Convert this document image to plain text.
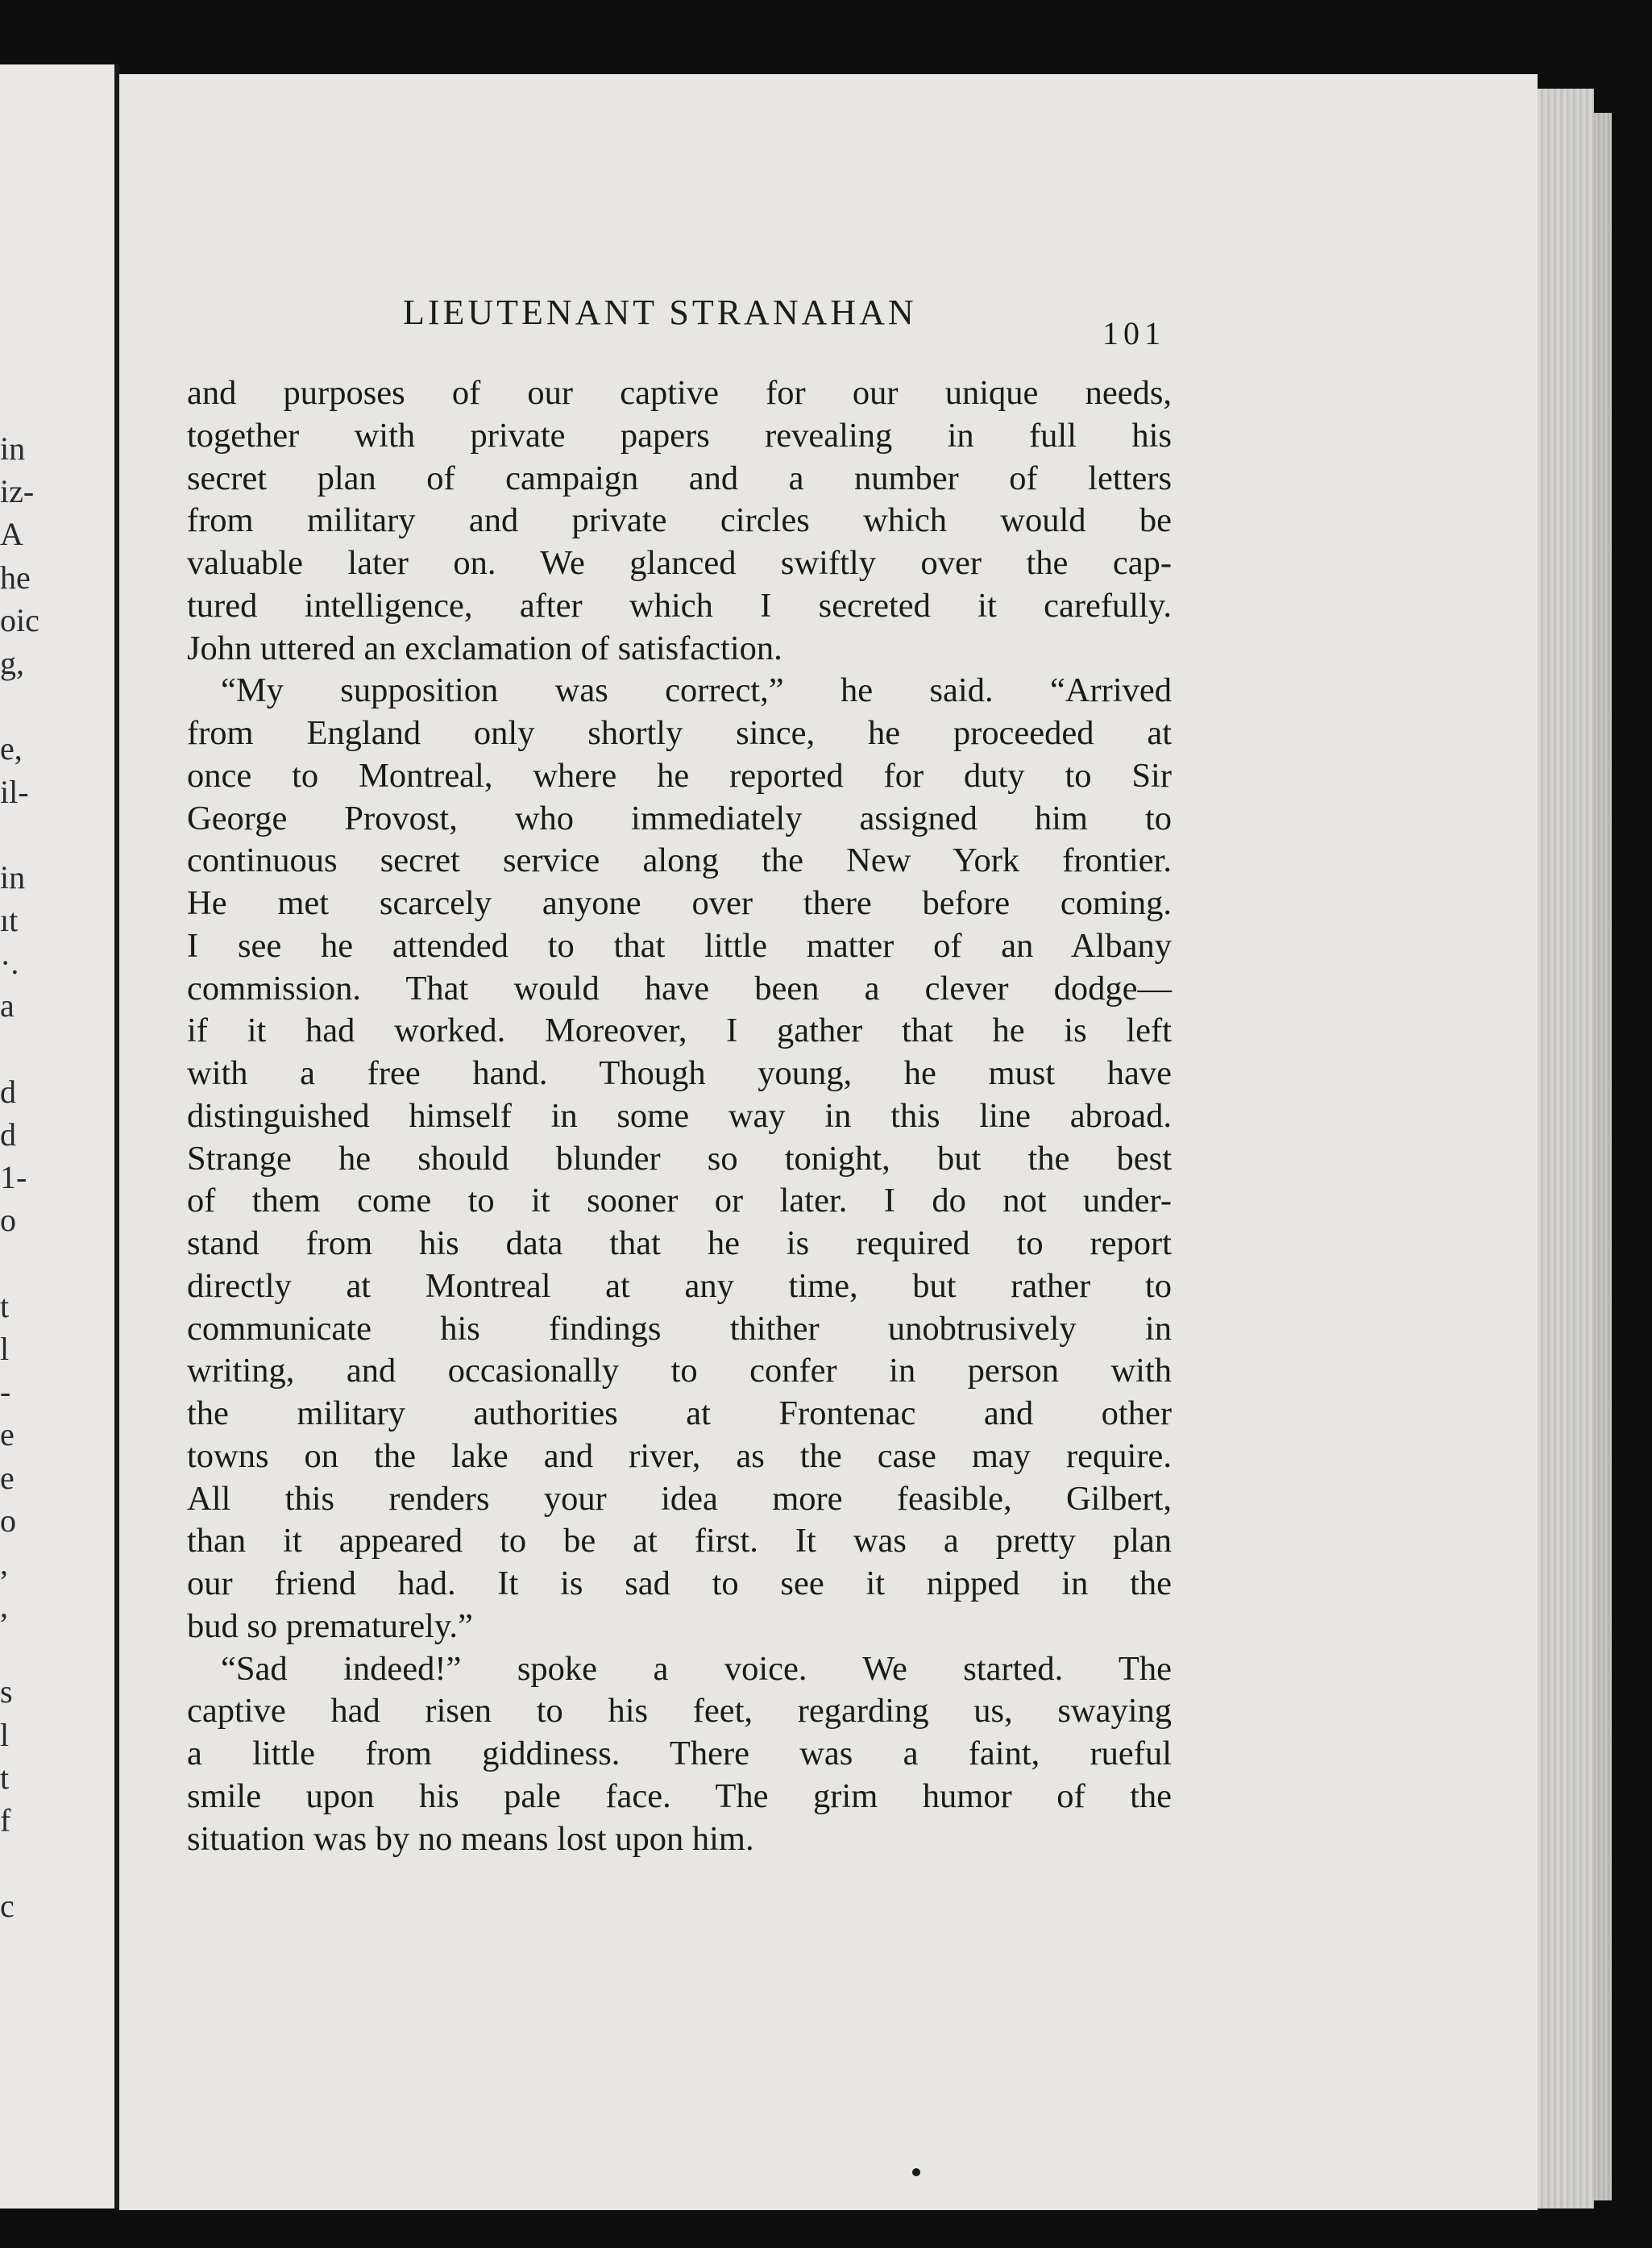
in
iz-
A
he
oic
g,
e,
il-
in
ıt
·.
a
d
d
1-
o
t
l
-
e
e
o
,
,
s
l
t
f
c
LIEUTENANT STRANAHAN
101
and purposes of our captive for our unique needs,
together with private papers revealing in full his
secret plan of campaign and a number of letters
from military and private circles which would be
valuable later on. We glanced swiftly over the cap-
tured intelligence, after which I secreted it carefully.
John uttered an exclamation of satisfaction.
“My supposition was correct,” he said. “Arrived
from England only shortly since, he proceeded at
once to Montreal, where he reported for duty to Sir
George Provost, who immediately assigned him to
continuous secret service along the New York frontier.
He met scarcely anyone over there before coming.
I see he attended to that little matter of an Albany
commission. That would have been a clever dodge—
if it had worked. Moreover, I gather that he is left
with a free hand. Though young, he must have
distinguished himself in some way in this line abroad.
Strange he should blunder so tonight, but the best
of them come to it sooner or later. I do not under-
stand from his data that he is required to report
directly at Montreal at any time, but rather to
communicate his findings thither unobtrusively in
writing, and occasionally to confer in person with
the military authorities at Frontenac and other
towns on the lake and river, as the case may require.
All this renders your idea more feasible, Gilbert,
than it appeared to be at first. It was a pretty plan
our friend had. It is sad to see it nipped in the
bud so prematurely.”
“Sad indeed!” spoke a voice. We started. The
captive had risen to his feet, regarding us, swaying
a little from giddiness. There was a faint, rueful
smile upon his pale face. The grim humor of the
situation was by no means lost upon him.
